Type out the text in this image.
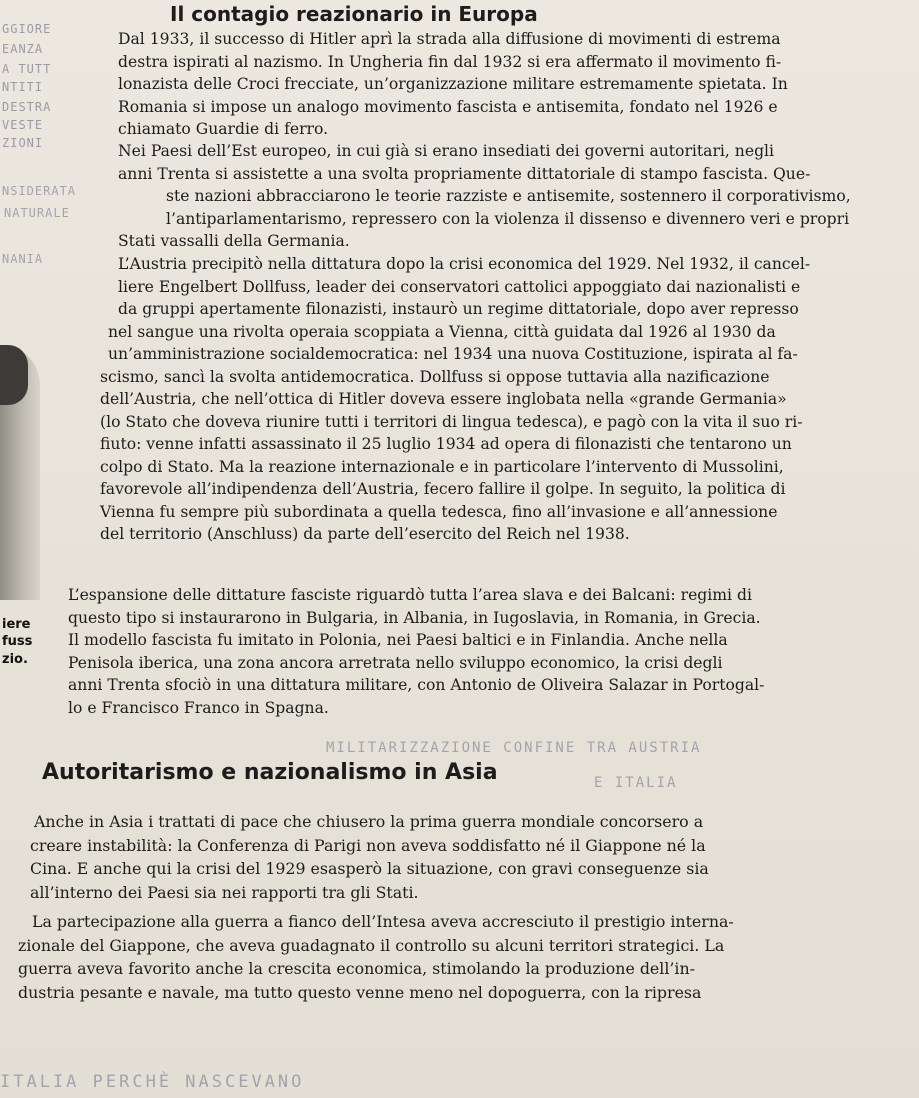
GGIORE
EANZA
A TUTT
NTITI
DESTRA
VESTE
ZIONI
iere
fuss
zio.
Il contagio reazionario in Europa

Dal 1933, il successo di Hitler aprì la strada alla diffusione di movimenti di estrema
destra ispirati al nazismo. In Ungheria fin dal 1932 si era affermato il movimento fi-
lonazista delle Croci frecciate, un’organizzazione militare estremamente spietata. In
Romania si impose un analogo movimento fascista e antisemita, fondato nel 1926 e
chiamato Guardie di ferro.

Nei Paesi dell’Est europeo, in cui già si erano insediati dei governi autoritari, negli
anni Trenta si assistette a una svolta propriamente dittatoriale di stampo fascista. Que-
ste nazioni abbracciarono le teorie razziste e antisemite, sostennero il corporativismo,
l’antiparlamentarismo, repressero con la violenza il dissenso e divennero veri e propri
Stati vassalli della Germania.

L’Austria precipitò nella dittatura dopo la crisi economica del 1929. Nel 1932, il cancel-
liere Engelbert Dollfuss, leader dei conservatori cattolici appoggiato dai nazionalisti e
da gruppi apertamente filonazisti, instaurò un regime dittatoriale, dopo aver represso
nel sangue una rivolta operaia scoppiata a Vienna, città guidata dal 1926 al 1930 da
un’amministrazione socialdemocratica: nel 1934 una nuova Costituzione, ispirata al fa-
scismo, sancì la svolta antidemocratica. Dollfuss si oppose tuttavia alla nazificazione
dell’Austria, che nell’ottica di Hitler doveva essere inglobata nella «grande Germania»
(lo Stato che doveva riunire tutti i territori di lingua tedesca), e pagò con la vita il suo ri-
fiuto: venne infatti assassinato il 25 luglio 1934 ad opera di filonazisti che tentarono un
colpo di Stato. Ma la reazione internazionale e in particolare l’intervento di Mussolini,
favorevole all’indipendenza dell’Austria, fecero fallire il golpe. In seguito, la politica di
Vienna fu sempre più subordinata a quella tedesca, fino all’invasione e all’annessione
del territorio (Anschluss) da parte dell’esercito del Reich nel 1938.

L’espansione delle dittature fasciste riguardò tutta l’area slava e dei Balcani: regimi di
questo tipo si instaurarono in Bulgaria, in Albania, in Iugoslavia, in Romania, in Grecia.
Il modello fascista fu imitato in Polonia, nei Paesi baltici e in Finlandia. Anche nella
Penisola iberica, una zona ancora arretrata nello sviluppo economico, la crisi degli
anni Trenta sfociò in una dittatura militare, con Antonio de Oliveira Salazar in Portogal-
lo e Francisco Franco in Spagna.

Autoritarismo e nazionalismo in Asia

Anche in Asia i trattati di pace che chiusero la prima guerra mondiale concorsero a
creare instabilità: la Conferenza di Parigi non aveva soddisfatto né il Giappone né la
Cina. E anche qui la crisi del 1929 esasperò la situazione, con gravi conseguenze sia
all’interno dei Paesi sia nei rapporti tra gli Stati.

La partecipazione alla guerra a fianco dell’Intesa aveva accresciuto il prestigio interna-
zionale del Giappone, che aveva guadagnato il controllo su alcuni territori strategici. La
guerra aveva favorito anche la crescita economica, stimolando la produzione dell’in-
dustria pesante e navale, ma tutto questo venne meno nel dopoguerra, con la ripresa

NSIDERATA
NATURALE
NANIA
MILITARIZZAZIONE CONFINE TRA AUSTRIA
E ITALIA
ITALIA PERCHÈ NASCEVANO
